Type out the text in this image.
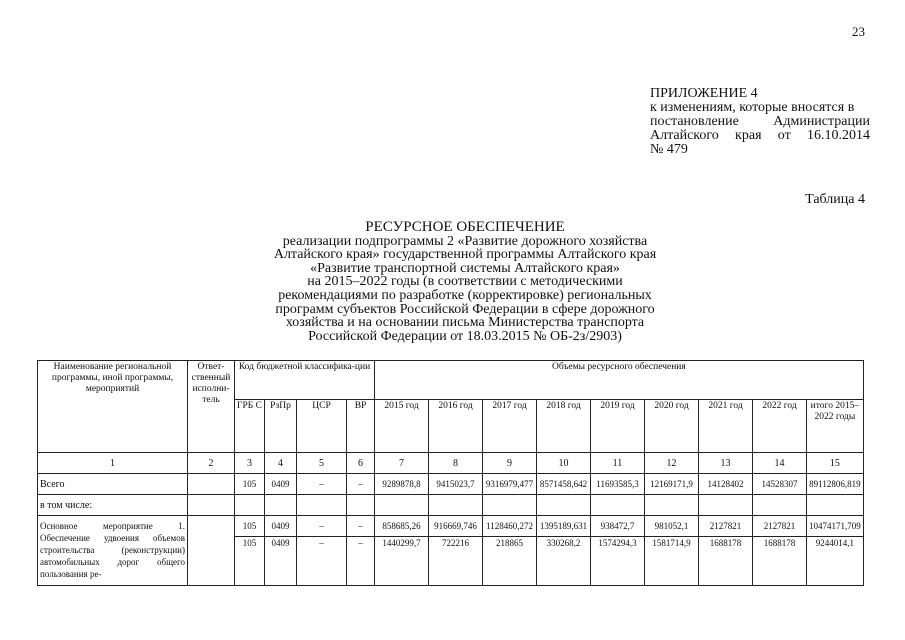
23
ПРИЛОЖЕНИЕ 4
к изменениям, которые вносятся в
постановление Администрации
Алтайского края от 16.10.2014
№ 479
Таблица 4
РЕСУРСНОЕ ОБЕСПЕЧЕНИЕ
реализации подпрограммы 2 «Развитие дорожного хозяйства
Алтайского края» государственной программы Алтайского края
«Развитие транспортной системы Алтайского края»
на 2015–2022 годы (в соответствии с методическими
рекомендациями по разработке (корректировке) региональных
программ субъектов Российской Федерации в сфере дорожного
хозяйства и на основании письма Министерства транспорта
Российской Федерации от 18.03.2015 № ОБ-2з/2903)
Наименование региональной программы, иной программы, мероприятий	Ответ-ственный исполни-тель	Код бюджетной классифика-ции				Объемы ресурсного обеспечения								
		ГРБ С	РзПр	ЦСР	ВР	2015 год	2016 год	2017 год	2018 год	2019 год	2020 год	2021 год	2022 год	итого 2015–2022 годы
1	2	3	4	5	6	7	8	9	10	11	12	13	14	15
Всего		105	0409	–	–	9289878,8	9415023,7	9316979,477	8571458,642	11693585,3	12169171,9	14128402	14528307	89112806,819
в том числе:														
Основное мероприятие 1. Обеспечение удвоения объемов строительства (реконструкции) автомобильных дорог общего пользования ре-		105	0409	–	–	858685,26	916669,746	1128460,272	1395189,631	938472,7	981052,1	2127821	2127821	10474171,709
		105	0409	–	–	1440299,7	722216	218865	330268,2	1574294,3	1581714,9	1688178	1688178	9244014,1
